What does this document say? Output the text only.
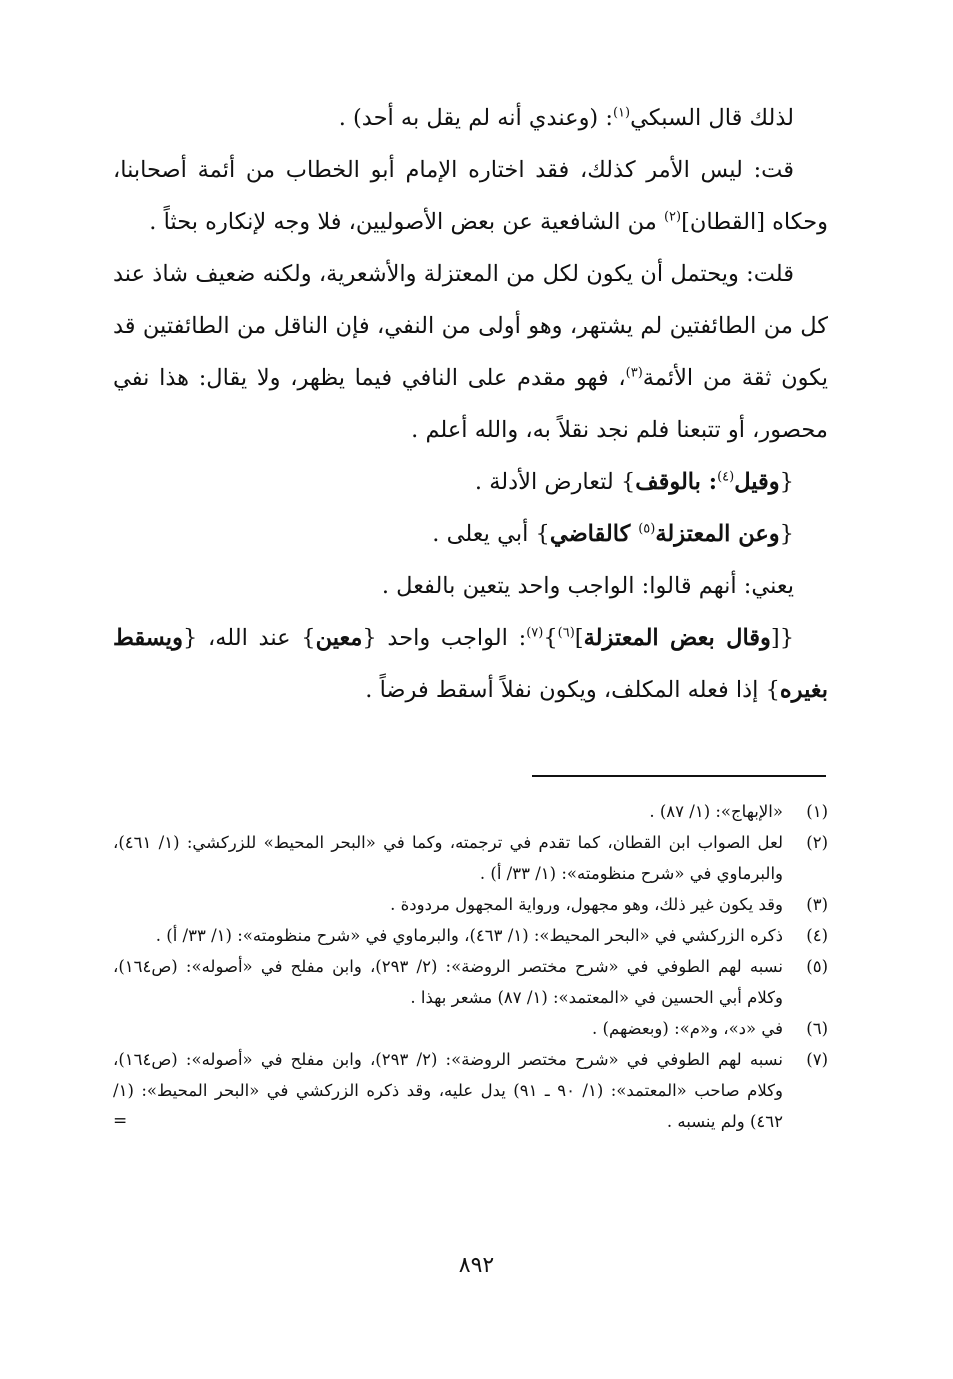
لذلك قال السبكي$^{(١)}$: (وعندي أنه لم يقل به أحد) .

قت: ليس الأمر كذلك، فقد اختاره الإمام أبو الخطاب من أئمة أصحابنا، وحكاه [القطان]$^{(٢)}$ من الشافعية عن بعض الأصوليين، فلا وجه لإنكاره بحثاً .

قلت: ويحتمل أن يكون لكل من المعتزلة والأشعرية، ولكنه ضعيف شاذ عند كل من الطائفتين لم يشتهر، وهو أولى من النفي، فإن الناقل من الطائفتين قد يكون ثقة من الأئمة$^{(٣)}$، فهو مقدم على النافي فيما يظهر، ولا يقال: هذا نفي محصور، أو تتبعنا فلم نجد نقلاً به، والله أعلم .

{وقيل$^{(٤)}$: بالوقف} لتعارض الأدلة .

{وعن المعتزلة$^{(٥)}$ كالقاضي} أبي يعلى .

يعني: أنهم قالوا: الواجب واحد يتعين بالفعل .

{[وقال بعض المعتزلة]$^{(٦)}$}$^{(٧)}$: الواجب واحد {معين} عند الله، {ويسقط بغيره} إذا فعله المكلف، ويكون نفلاً أسقط فرضاً .

(١)
«الإبهاج»: (١/ ٨٧) .
(٢)
لعل الصواب ابن القطان، كما تقدم في ترجمته، وكما في «البحر المحيط» للزركشي: (١/ ٤٦١)، والبرماوي في «شرح منظومته»: (١/ ٣٣/ أ) .
(٣)
وقد يكون غير ذلك، وهو مجهول، ورواية المجهول مردودة .
(٤)
ذكره الزركشي في «البحر المحيط»: (١/ ٤٦٣)، والبرماوي في «شرح منظومته»: (١/ ٣٣/ أ) .
(٥)
نسبه لهم الطوفي في «شرح مختصر الروضة»: (٢/ ٢٩٣)، وابن مفلح في «أصوله»: (ص١٦٤)، وكلام أبي الحسين في «المعتمد»: (١/ ٨٧) مشعر بهذا .
(٦)
في «د»، و«م»: (وبعضهم) .
(٧)
نسبه لهم الطوفي في «شرح مختصر الروضة»: (٢/ ٢٩٣)، وابن مفلح في «أصوله»: (ص١٦٤)، وكلام صاحب «المعتمد»: (١/ ٩٠ ـ ٩١) يدل عليه، وقد ذكره الزركشي في «البحر المحيط»: (١/ ٤٦٢) ولم ينسبه .
=
٨٩٢
